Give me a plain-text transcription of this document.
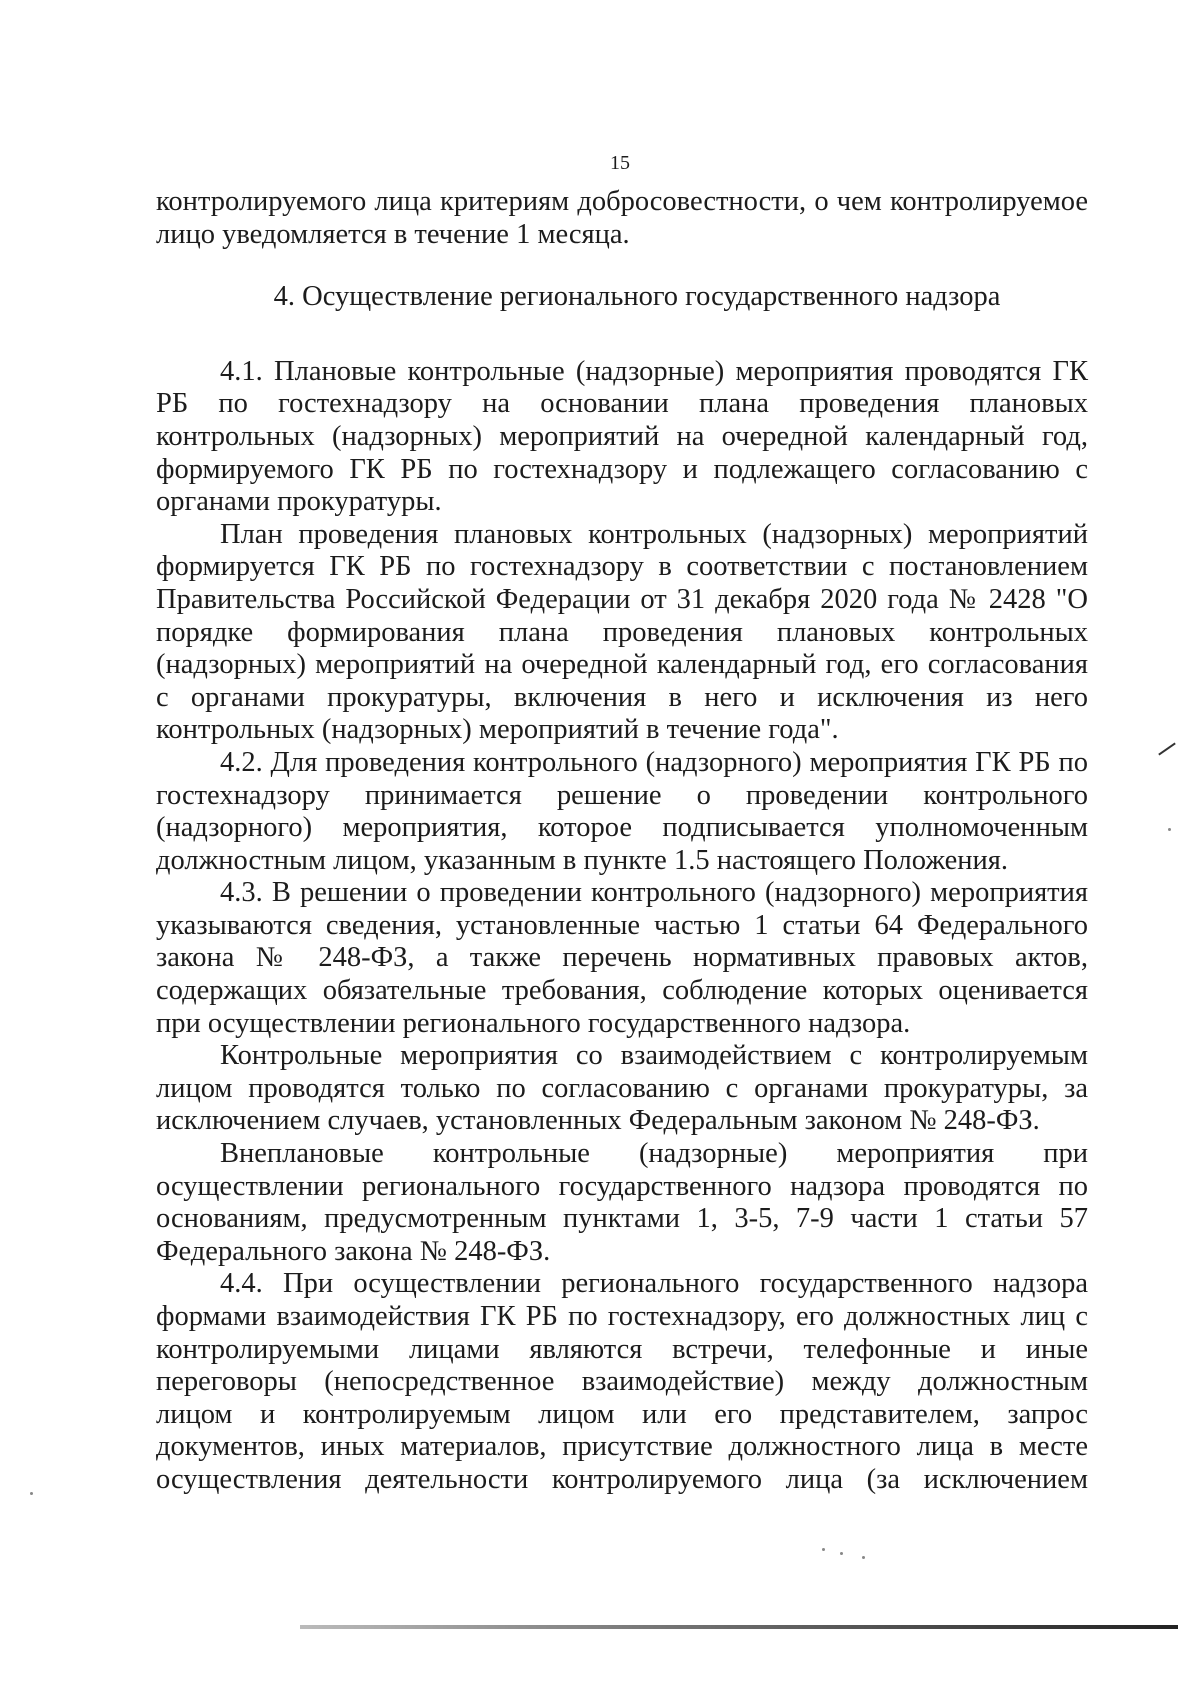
15

контролируемого лица критериям добросовестности, о чем контролируемое лицо уведомляется в течение 1 месяца.

4. Осуществление регионального государственного надзора

4.1. Плановые контрольные (надзорные) мероприятия проводятся ГК РБ по гостехнадзору на основании плана проведения плановых контрольных (надзорных) мероприятий на очередной календарный год, формируемого ГК РБ по гостехнадзору и подлежащего согласованию с органами прокуратуры.

План проведения плановых контрольных (надзорных) мероприятий формируется ГК РБ по гостехнадзору в соответствии с постановлением Правительства Российской Федерации от 31 декабря 2020 года № 2428 "О порядке формирования плана проведения плановых контрольных (надзорных) мероприятий на очередной календарный год, его согласования с органами прокуратуры, включения в него и исключения из него контрольных (надзорных) мероприятий в течение года".

4.2. Для проведения контрольного (надзорного) мероприятия ГК РБ по гостехнадзору принимается решение о проведении контрольного (надзорного) мероприятия, которое подписывается уполномоченным должностным лицом, указанным в пункте 1.5 настоящего Положения.

4.3. В решении о проведении контрольного (надзорного) мероприятия указываются сведения, установленные частью 1 статьи 64 Федерального закона № 248-ФЗ, а также перечень нормативных правовых актов, содержащих обязательные требования, соблюдение которых оценивается при осуществлении регионального государственного надзора.

Контрольные мероприятия со взаимодействием с контролируемым лицом проводятся только по согласованию с органами прокуратуры, за исключением случаев, установленных Федеральным законом № 248-ФЗ.

Внеплановые контрольные (надзорные) мероприятия при осуществлении регионального государственного надзора проводятся по основаниям, предусмотренным пунктами 1, 3-5, 7-9 части 1 статьи 57 Федерального закона № 248-ФЗ.

4.4. При осуществлении регионального государственного надзора формами взаимодействия ГК РБ по гостехнадзору, его должностных лиц с контролируемыми лицами являются встречи, телефонные и иные переговоры (непосредственное взаимодействие) между должностным лицом и контролируемым лицом или его представителем, запрос документов, иных материалов, присутствие должностного лица в месте осуществления деятельности контролируемого лица (за исключением
